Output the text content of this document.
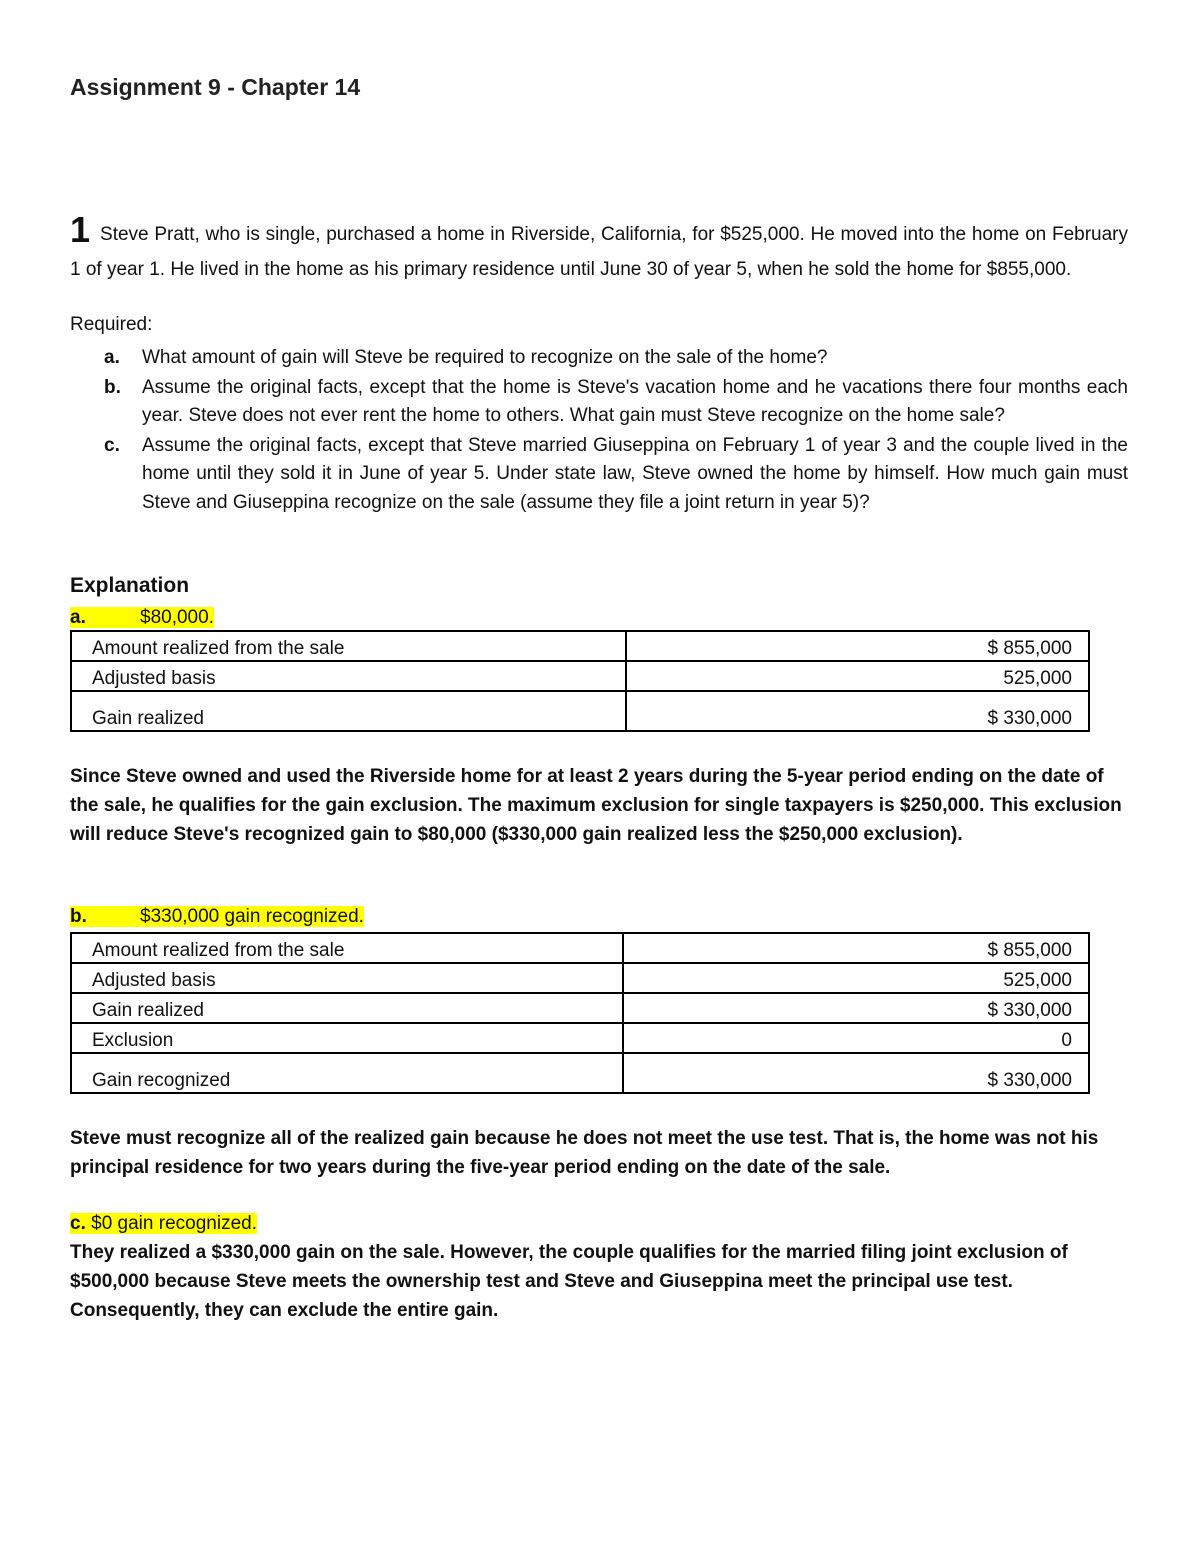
Assignment 9 - Chapter 14
1 Steve Pratt, who is single, purchased a home in Riverside, California, for $525,000. He moved into the home on February 1 of year 1. He lived in the home as his primary residence until June 30 of year 5, when he sold the home for $855,000.
Required:
a.	What amount of gain will Steve be required to recognize on the sale of the home?
b.	Assume the original facts, except that the home is Steve's vacation home and he vacations there four months each year. Steve does not ever rent the home to others. What gain must Steve recognize on the home sale?
c.	Assume the original facts, except that Steve married Giuseppina on February 1 of year 3 and the couple lived in the home until they sold it in June of year 5. Under state law, Steve owned the home by himself. How much gain must Steve and Giuseppina recognize on the sale (assume they file a joint return in year 5)?
Explanation
a.	$80,000.
Amount realized from the sale	$ 855,000
Adjusted basis	525,000
Gain realized	$ 330,000
Since Steve owned and used the Riverside home for at least 2 years during the 5-year period ending on the date of the sale, he qualifies for the gain exclusion. The maximum exclusion for single taxpayers is $250,000. This exclusion will reduce Steve's recognized gain to $80,000 ($330,000 gain realized less the $250,000 exclusion).
b.	$330,000 gain recognized.
Amount realized from the sale	$ 855,000
Adjusted basis	525,000
Gain realized	$ 330,000
Exclusion	0
Gain recognized	$ 330,000
Steve must recognize all of the realized gain because he does not meet the use test. That is, the home was not his principal residence for two years during the five-year period ending on the date of the sale.
c. $0 gain recognized.
They realized a $330,000 gain on the sale. However, the couple qualifies for the married filing joint exclusion of $500,000 because Steve meets the ownership test and Steve and Giuseppina meet the principal use test. Consequently, they can exclude the entire gain.
